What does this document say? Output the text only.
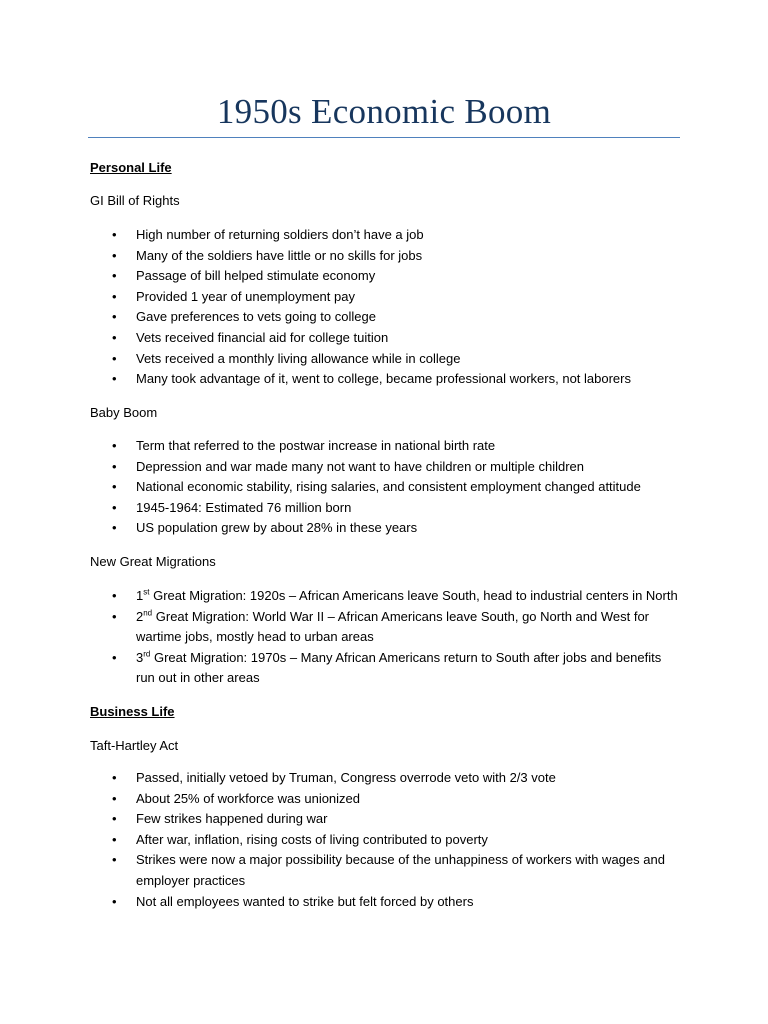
1950s Economic Boom
Personal Life
GI Bill of Rights
• High number of returning soldiers don’t have a job
• Many of the soldiers have little or no skills for jobs
• Passage of bill helped stimulate economy
• Provided 1 year of unemployment pay
• Gave preferences to vets going to college
• Vets received financial aid for college tuition
• Vets received a monthly living allowance while in college
• Many took advantage of it, went to college, became professional workers, not laborers
Baby Boom
• Term that referred to the postwar increase in national birth rate
• Depression and war made many not want to have children or multiple children
• National economic stability, rising salaries, and consistent employment changed attitude
• 1945-1964: Estimated 76 million born
• US population grew by about 28% in these years
New Great Migrations
• 1st Great Migration: 1920s – African Americans leave South, head to industrial centers in North
• 2nd Great Migration: World War II – African Americans leave South, go North and West for wartime jobs, mostly head to urban areas
• 3rd Great Migration: 1970s – Many African Americans return to South after jobs and benefits run out in other areas
Business Life
Taft-Hartley Act
• Passed, initially vetoed by Truman, Congress overrode veto with 2/3 vote
• About 25% of workforce was unionized
• Few strikes happened during war
• After war, inflation, rising costs of living contributed to poverty
• Strikes were now a major possibility because of the unhappiness of workers with wages and employer practices
• Not all employees wanted to strike but felt forced by others
